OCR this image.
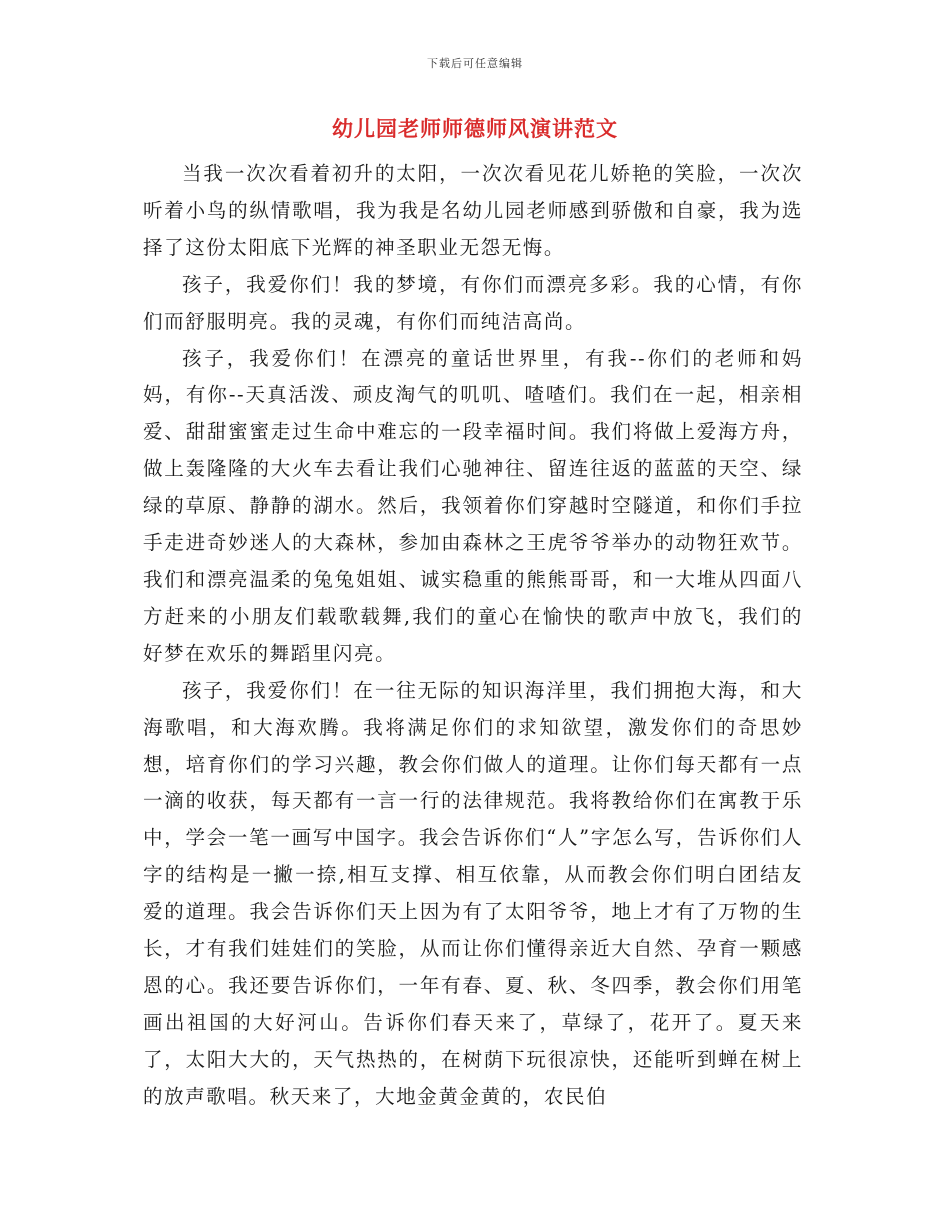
下载后可任意编辑
幼儿园老师师德师风演讲范文

当我一次次看着初升的太阳，一次次看见花儿娇艳的笑脸，一次次听着小鸟的纵情歌唱，我为我是名幼儿园老师感到骄傲和自豪，我为选择了这份太阳底下光辉的神圣职业无怨无悔。

孩子，我爱你们！我的梦境，有你们而漂亮多彩。我的心情，有你们而舒服明亮。我的灵魂，有你们而纯洁高尚。

孩子，我爱你们！在漂亮的童话世界里，有我--你们的老师和妈妈，有你--天真活泼、顽皮淘气的叽叽、喳喳们。我们在一起，相亲相爱、甜甜蜜蜜走过生命中难忘的一段幸福时间。我们将做上爱海方舟，做上轰隆隆的大火车去看让我们心驰神往、留连往返的蓝蓝的天空、绿绿的草原、静静的湖水。然后，我领着你们穿越时空隧道，和你们手拉手走进奇妙迷人的大森林，参加由森林之王虎爷爷举办的动物狂欢节。我们和漂亮温柔的兔兔姐姐、诚实稳重的熊熊哥哥，和一大堆从四面八方赶来的小朋友们载歌载舞,我们的童心在愉快的歌声中放飞，我们的好梦在欢乐的舞蹈里闪亮。

孩子，我爱你们！在一往无际的知识海洋里，我们拥抱大海，和大海歌唱，和大海欢腾。我将满足你们的求知欲望，激发你们的奇思妙想，培育你们的学习兴趣，教会你们做人的道理。让你们每天都有一点一滴的收获，每天都有一言一行的法律规范。我将教给你们在寓教于乐中，学会一笔一画写中国字。我会告诉你们“人”字怎么写，告诉你们人字的结构是一撇一捺,相互支撑、相互依靠，从而教会你们明白团结友爱的道理。我会告诉你们天上因为有了太阳爷爷，地上才有了万物的生长，才有我们娃娃们的笑脸，从而让你们懂得亲近大自然、孕育一颗感恩的心。我还要告诉你们，一年有春、夏、秋、冬四季，教会你们用笔画出祖国的大好河山。告诉你们春天来了，草绿了，花开了。夏天来了，太阳大大的，天气热热的，在树荫下玩很凉快，还能听到蝉在树上的放声歌唱。秋天来了，大地金黄金黄的，农民伯
